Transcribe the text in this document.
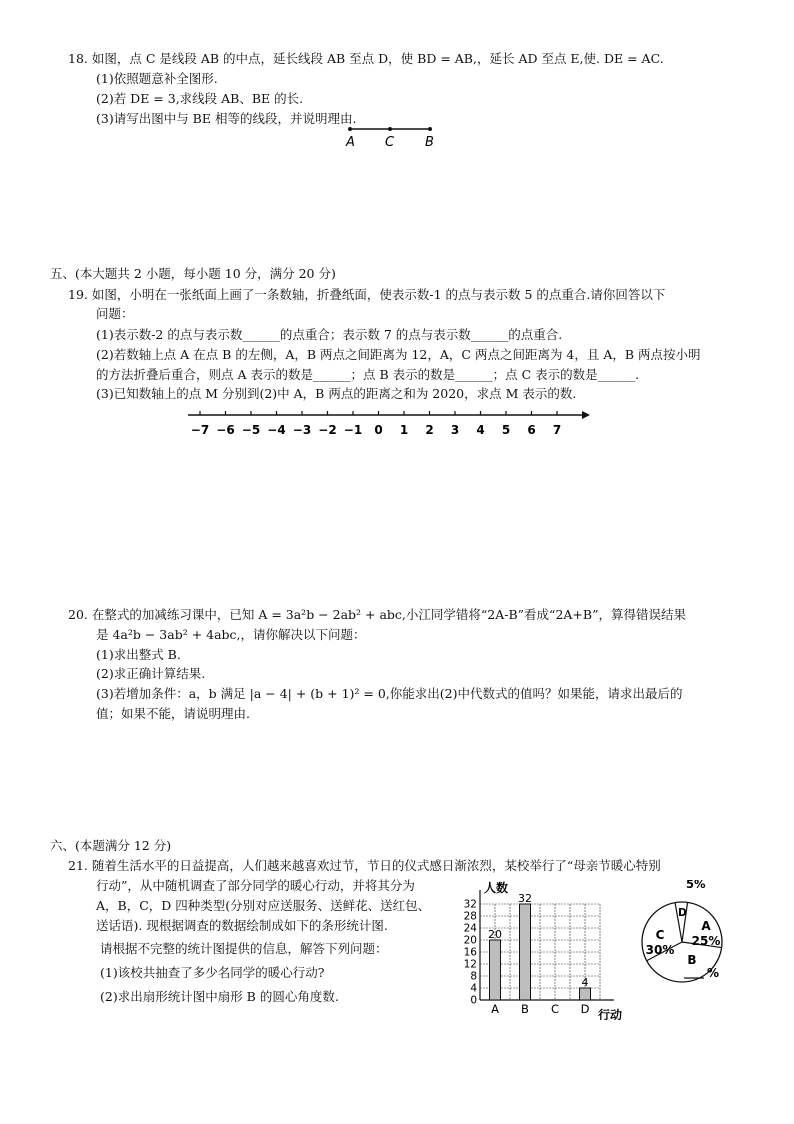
18. 如图，点 C 是线段 AB 的中点，延长线段 AB 至点 D，使 BD = AB,，延长 AD 至点 E,使. DE = AC.
(1)依照题意补全图形.
(2)若 DE = 3,求线段 AB、BE 的长.
(3)请写出图中与 BE 相等的线段，并说明理由.
A C B
五、(本大题共 2 小题，每小题 10 分，满分 20 分)
19. 如图，小明在一张纸面上画了一条数轴，折叠纸面，使表示数-1 的点与表示数 5 的点重合.请你回答以下
问题：
(1)表示数-2 的点与表示数______的点重合；表示数 7 的点与表示数______的点重合.
(2)若数轴上点 A 在点 B 的左侧，A，B 两点之间距离为 12，A，C 两点之间距离为 4，且 A，B 两点按小明
的方法折叠后重合，则点 A 表示的数是______；点 B 表示的数是______；点 C 表示的数是______.
(3)已知数轴上的点 M 分别到(2)中 A，B 两点的距离之和为 2020，求点 M 表示的数.
−7 −6 −5 −4 −3 −2 −1 0 1 2 3 4 5 6 7
20. 在整式的加减练习课中，已知 A = 3a²b − 2ab² + abc,小江同学错将“2A-B”看成“2A+B”，算得错误结果
是 4a²b − 3ab² + 4abc,，请你解决以下问题：
(1)求出整式 B.
(2)求正确计算结果.
(3)若增加条件：a，b 满足 |a − 4| + (b + 1)² = 0,你能求出(2)中代数式的值吗？如果能，请求出最后的
值；如果不能，请说明理由.
六、(本题满分 12 分)
21. 随着生活水平的日益提高，人们越来越喜欢过节，节日的仪式感日渐浓烈，某校举行了“母亲节暖心特别
行动”，从中随机调查了部分同学的暖心行动，并将其分为
A，B，C，D 四种类型(分别对应送服务、送鲜花、送红包、
送话语). 现根据调查的数据绘制成如下的条形统计图.
请根据不完整的统计图提供的信息，解答下列问题：
(1)该校共抽查了多少名同学的暖心行动?
(2)求出扇形统计图中扇形 B 的圆心角度数.	0
4
8
12
16
20
24
28
32
人数
行动
20
A
32
B C
4
D
D
5%
A
25%
C
30%
B
%
